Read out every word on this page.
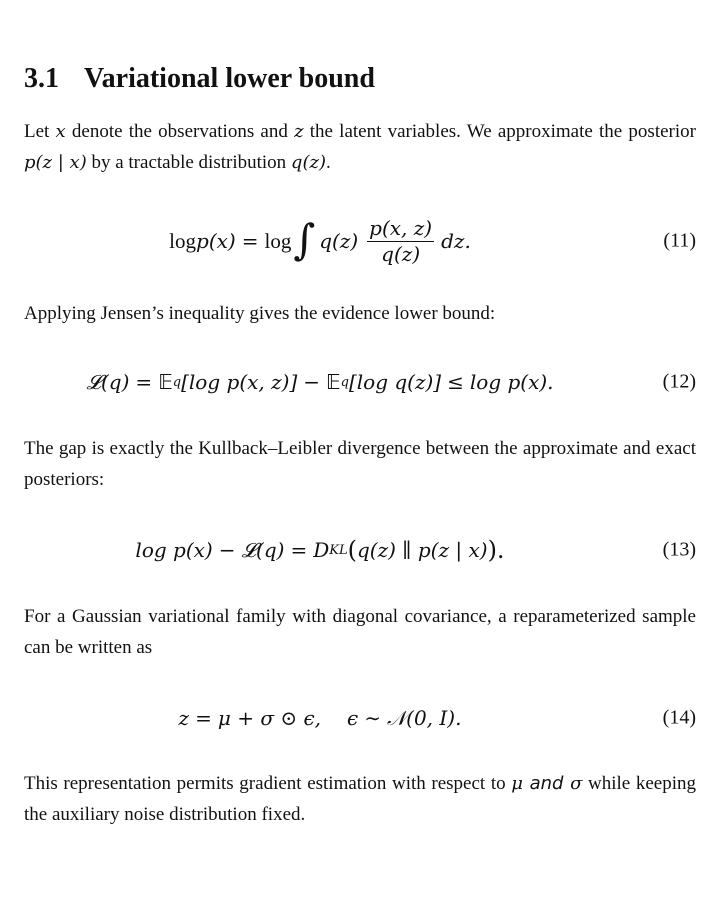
3.1 Variational lower bound

Let x denote the observations and z the latent variables. We approximate the posterior p(z | x) by a tractable distribution q(z).

log p (x) = log ∫ $q(z) \frac{p(x, z)}{q(z)}$ dz.	(11)

Applying Jensen’s inequality gives the evidence lower bound:

𝓛(q) = 𝔼 q [log p(x, z)] − 𝔼 q [log q(z)] ≤ log p(x).	(12)

The gap is exactly the Kullback–Leibler divergence between the approximate and exact posteriors:

log p(x) − 𝓛(q) = D KL ( q(z) ∥ p(z | x) ).	(13)

For a Gaussian variational family with diagonal covariance, a reparameterized sample can be written as

z = μ + σ ⊙ ϵ, ϵ ∼ 𝒩(0, I).	(14)

This representation permits gradient estimation with respect to μ and σ while keeping the auxiliary noise distribution fixed.
